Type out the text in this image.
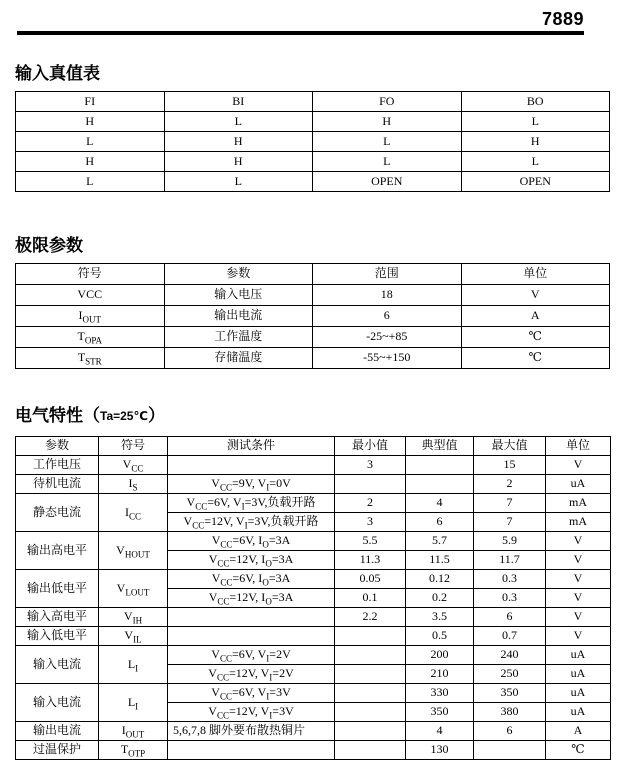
7889
输入真值表
FI	BI	FO	BO
H	L	H	L
L	H	L	H
H	H	L	L
L	L	OPEN	OPEN
极限参数
符号	参数	范围	单位
VCC	输入电压	18	V
$I_{OUT}$	输出电流	6	A
$T_{OPA}$	工作温度	-25~+85	℃
$T_{STR}$	存储温度	-55~+150	℃
电气特性（Ta=25℃）
参数	符号	测试条件	最小值	典型值	最大值	单位
工作电压	$V_{CC}$		3		15	V
待机电流	$I_S$	$V_{CC}=9V$, $V_I=0V$			2	uA
静态电流	$I_{CC}$	$V_{CC}=6V$, $V_I=3V$,负载开路	2	4	7	mA
		$V_{CC}=12V$, $V_I=3V$,负载开路	3	6	7	mA
输出高电平	$V_{HOUT}$	$V_{CC}=6V$, $I_O=3A$	5.5	5.7	5.9	V
		$V_{CC}=12V$, $I_O=3A$	11.3	11.5	11.7	V
输出低电平	$V_{LOUT}$	$V_{CC}=6V$, $I_O=3A$	0.05	0.12	0.3	V
		$V_{CC}=12V$, $I_O=3A$	0.1	0.2	0.3	V
输入高电平	$V_{IH}$		2.2	3.5	6	V
输入低电平	$V_{IL}$			0.5	0.7	V
输入电流	$L_I$	$V_{CC}=6V$, $V_I=2V$		200	240	uA
		$V_{CC}=12V$, $V_I=2V$		210	250	uA
输入电流	$L_I$	$V_{CC}=6V$, $V_I=3V$		330	350	uA
		$V_{CC}=12V$, $V_I=3V$		350	380	uA
输出电流	$I_{OUT}$	5,6,7,8 脚外要布散热铜片		4	6	A
过温保护	$T_{OTP}$			130		℃
